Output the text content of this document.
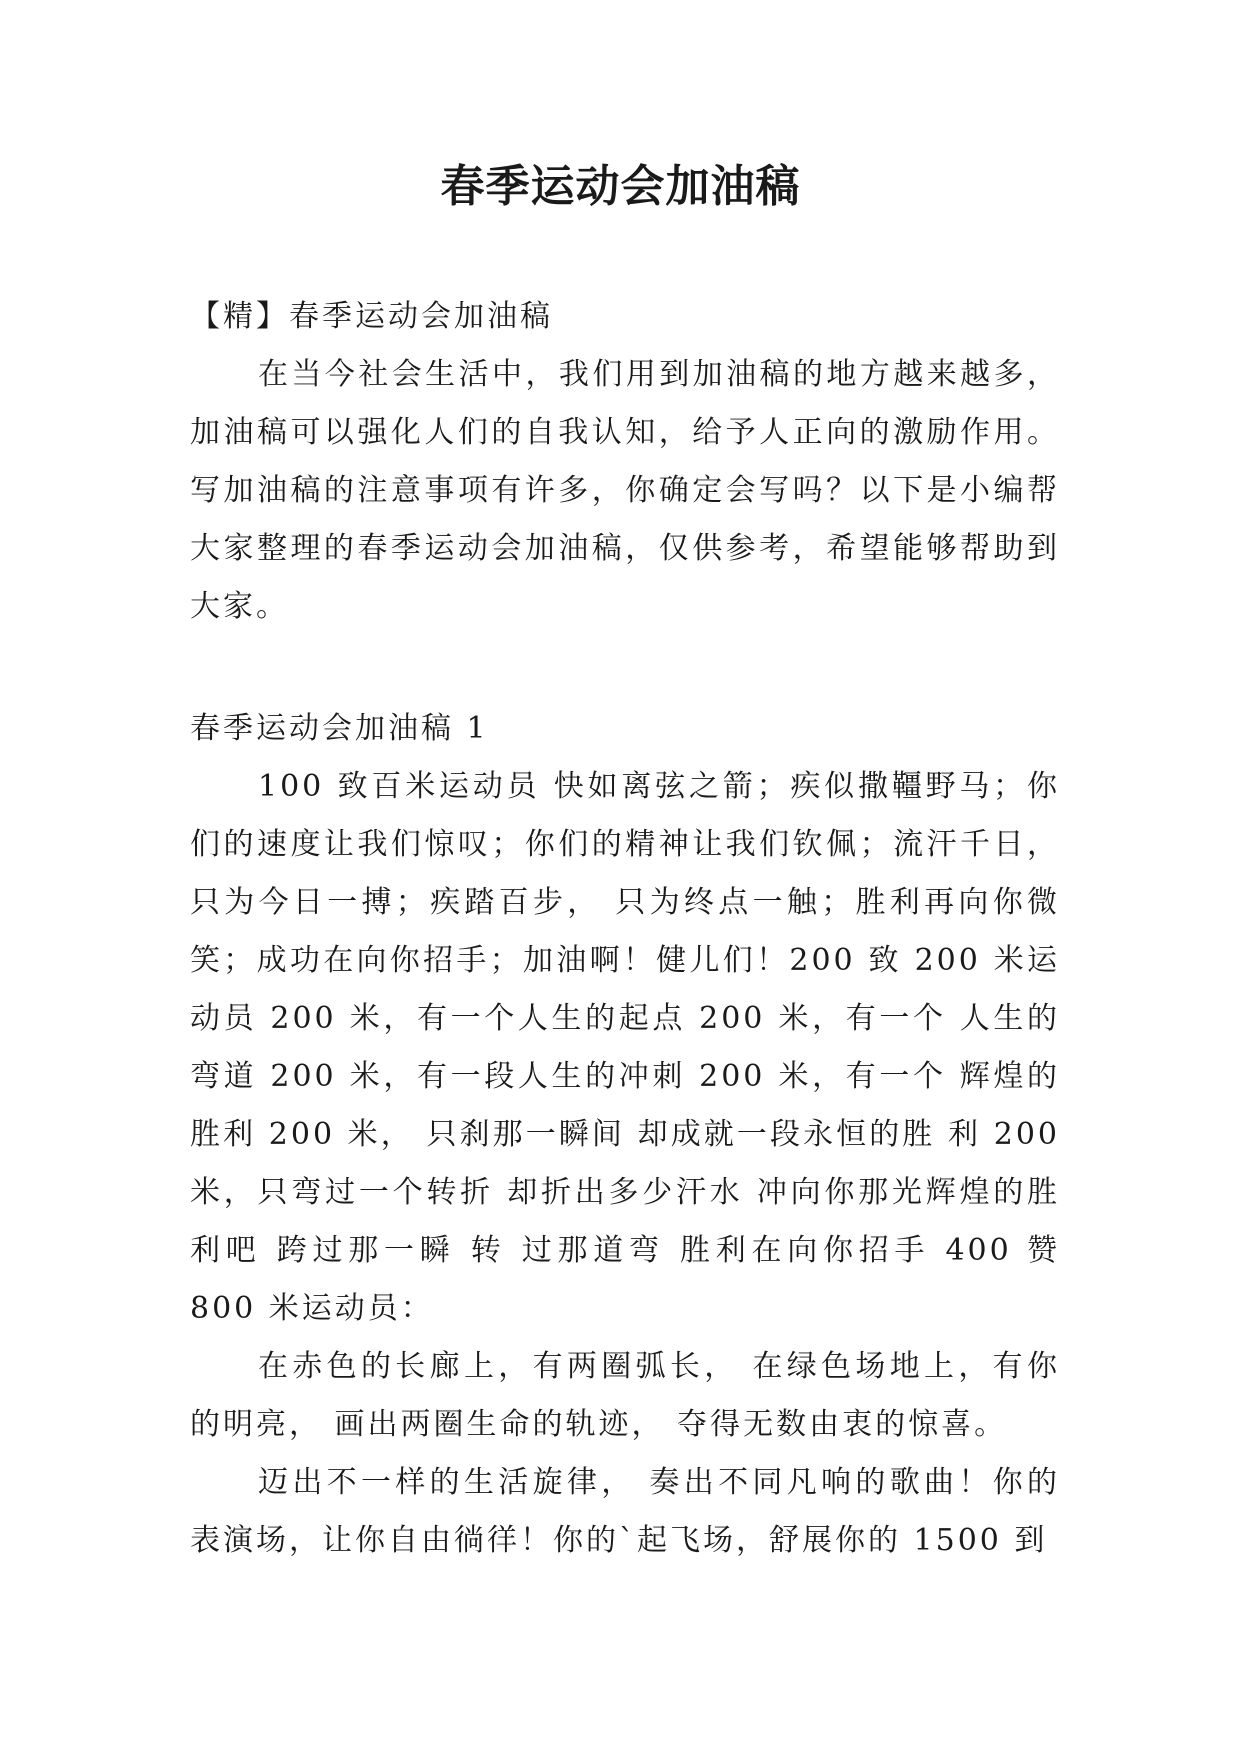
春季运动会加油稿

【精】春季运动会加油稿

在当今社会生活中，我们用到加油稿的地方越来越多，加油稿可以强化人们的自我认知，给予人正向的激励作用。写加油稿的注意事项有许多，你确定会写吗？以下是小编帮大家整理的春季运动会加油稿，仅供参考，希望能够帮助到大家。

春季运动会加油稿 1

100 致百米运动员 快如离弦之箭；疾似撒韁野马；你们的速度让我们惊叹；你们的精神让我们钦佩；流汗千日，只为今日一搏；疾踏百步， 只为终点一触；胜利再向你微笑；成功在向你招手；加油啊！健儿们！200 致 200 米运动员 200 米，有一个人生的起点 200 米，有一个 人生的弯道 200 米，有一段人生的冲刺 200 米，有一个 辉煌的胜利 200 米， 只刹那一瞬间 却成就一段永恒的胜 利 200 米，只弯过一个转折 却折出多少汗水 冲向你那光辉煌的胜利吧 跨过那一瞬 转 过那道弯 胜利在向你招手 400 赞 800 米运动员：

在赤色的长廊上，有两圈弧长， 在绿色场地上，有你的明亮， 画出两圈生命的轨迹， 夺得无数由衷的惊喜。

迈出不一样的生活旋律， 奏出不同凡响的歌曲！你的表演场，让你自由徜徉！你的`起飞场，舒展你的 1500 到
